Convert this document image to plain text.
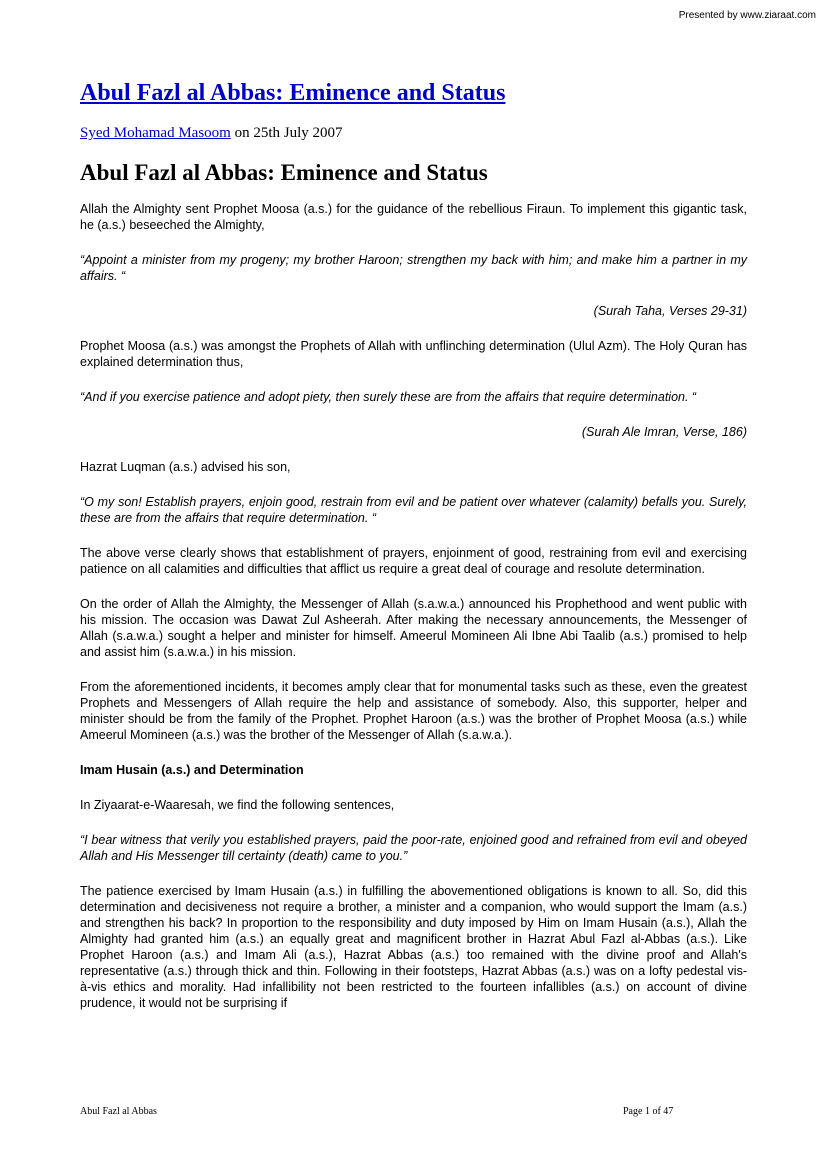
Presented by www.ziaraat.com
Abul Fazl al Abbas: Eminence and Status
Syed Mohamad Masoom on 25th July 2007
Abul Fazl al Abbas: Eminence and Status

Allah the Almighty sent Prophet Moosa (a.s.) for the guidance of the rebellious Firaun. To implement this gigantic task, he (a.s.) beseeched the Almighty,

“Appoint a minister from my progeny; my brother Haroon; strengthen my back with him; and make him a partner in my affairs. “

(Surah Taha, Verses 29-31)

Prophet Moosa (a.s.) was amongst the Prophets of Allah with unflinching determination (Ulul Azm). The Holy Quran has explained determination thus,

“And if you exercise patience and adopt piety, then surely these are from the affairs that require determination. “

(Surah Ale Imran, Verse, 186)

Hazrat Luqman (a.s.) advised his son,

“O my son! Establish prayers, enjoin good, restrain from evil and be patient over whatever (calamity) befalls you. Surely, these are from the affairs that require determination. “

The above verse clearly shows that establishment of prayers, enjoinment of good, restraining from evil and exercising patience on all calamities and difficulties that afflict us require a great deal of courage and resolute determination.

On the order of Allah the Almighty, the Messenger of Allah (s.a.w.a.) announced his Prophethood and went public with his mission. The occasion was Dawat Zul Asheerah. After making the necessary announcements, the Messenger of Allah (s.a.w.a.) sought a helper and minister for himself. Ameerul Momineen Ali Ibne Abi Taalib (a.s.) promised to help and assist him (s.a.w.a.) in his mission.

From the aforementioned incidents, it becomes amply clear that for monumental tasks such as these, even the greatest Prophets and Messengers of Allah require the help and assistance of somebody. Also, this supporter, helper and minister should be from the family of the Prophet. Prophet Haroon (a.s.) was the brother of Prophet Moosa (a.s.) while Ameerul Momineen (a.s.) was the brother of the Messenger of Allah (s.a.w.a.).

Imam Husain (a.s.) and Determination

In Ziyaarat-e-Waaresah, we find the following sentences,

“I bear witness that verily you established prayers, paid the poor-rate, enjoined good and refrained from evil and obeyed Allah and His Messenger till certainty (death) came to you.”

The patience exercised by Imam Husain (a.s.) in fulfilling the abovementioned obligations is known to all. So, did this determination and decisiveness not require a brother, a minister and a companion, who would support the Imam (a.s.) and strengthen his back? In proportion to the responsibility and duty imposed by Him on Imam Husain (a.s.), Allah the Almighty had granted him (a.s.) an equally great and magnificent brother in Hazrat Abul Fazl al-Abbas (a.s.). Like Prophet Haroon (a.s.) and Imam Ali (a.s.), Hazrat Abbas (a.s.) too remained with the divine proof and Allah's representative (a.s.) through thick and thin. Following in their footsteps, Hazrat Abbas (a.s.) was on a lofty pedestal vis-à-vis ethics and morality. Had infallibility not been restricted to the fourteen infallibles (a.s.) on account of divine prudence, it would not be surprising if

Abul Fazl al Abbas	Page 1 of 47
